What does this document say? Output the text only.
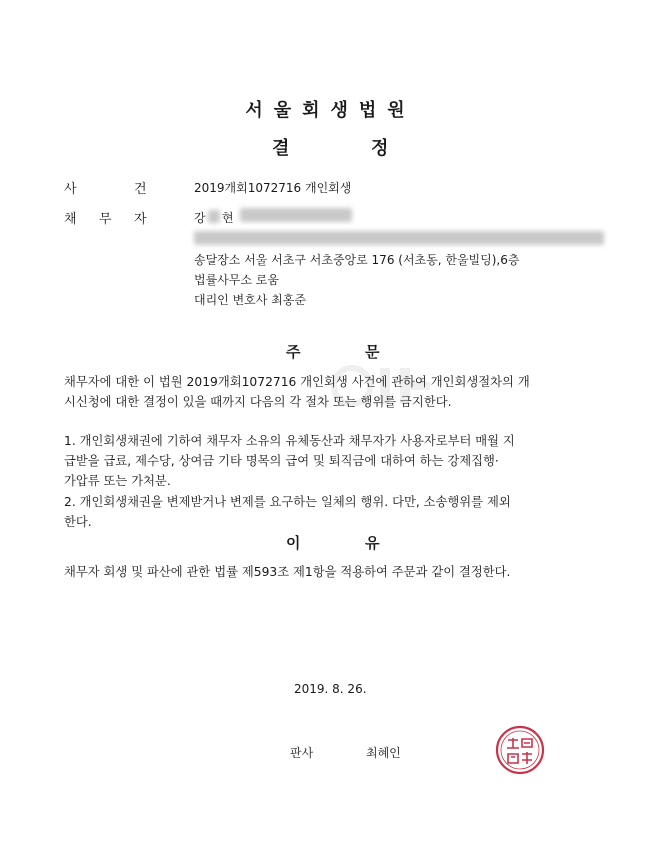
서울회생법원
결	정
사	건	2019개회1072716 개인회생
채 무 자	강 현
송달장소 서울 서초구 서초중앙로 176 (서초동, 한울빌딩),6층
법률사무소 로움
대리인 변호사 최홍준
주	문
채무자에 대한 이 법원 2019개회1072716 개인회생 사건에 관하여 개인회생절차의 개
시신청에 대한 결정이 있을 때까지 다음의 각 절차 또는 행위를 금지한다.
1. 개인회생채권에 기하여 채무자 소유의 유체동산과 채무자가 사용자로부터 매월 지
급받을 급료, 제수당, 상여금 기타 명목의 급여 및 퇴직금에 대하여 하는 강제집행·
가압류 또는 가처분.
2. 개인회생채권을 변제받거나 변제를 요구하는 일체의 행위. 다만, 소송행위를 제외
한다.
이	유
채무자 회생 및 파산에 관한 법률 제593조 제1항을 적용하여 주문과 같이 결정한다.
2019. 8. 26.
판사	최혜인
